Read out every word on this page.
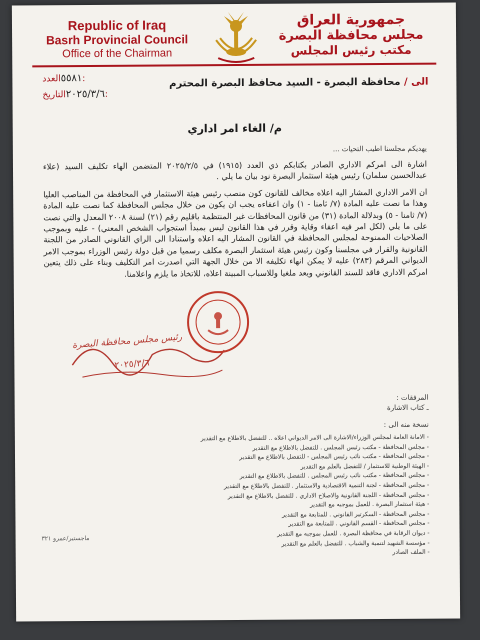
Republic of Iraq
Basrh Provincial Council
Office of the Chairman
جمهورية العراق
مجلس محافظة البصرة
مكتب رئيس المجلس
٥٥٨١العدد:
٢٠٢٥/٣/٦التاريخ:
الى / محافظة البصرة - السيد محافظ البصرة المحترم
م/ الغاء امر اداري
يهديكم مجلسنا اطيب التحيات ...

اشارة الى امركم الاداري الصادر بكتابكم ذي العدد (١٩١٥) في ٢٠٢٥/٢/٥ المتضمن الهاء تكليف السيد (علاء عبدالحسين سلمان) رئيس هيئة استثمار البصرة نود بيان ما يلي .

ان الامر الاداري المشار اليه اعلاه مخالف للقانون كون منصب رئيس هيئة الاستثمار في المحافظة من المناصب العليا وهذا ما نصت عليه المادة (٧/ ثامنا - ١) وان اعفاءه يجب ان يكون من خلال مجلس المحافظة كما نصت عليه المادة (٧/ ثامنا - ٥) وبدلالة المادة (٣١) من قانون المحافظات غير المنتظمة باقليم رقم (٢١) لسنة ٢٠٠٨ المعدل والتي نصت على ما يلي (لكل امر فيه اعفاء وقاية وقرر في هذا القانون ليس بمبدأ استجواب الشخص المعني) - عليه وبموجب الصلاحيات الممنوحة لمجلس المحافظة في القانون المشار اليه اعلاه واستنادا الى الراي القانوني الصادر من اللجنة القانونية والقرار في مجلسنا وكون رئيس هيئة استثمار البصرة مكلف رسميا من قبل دولة رئيس الوزراء بموجب الامر الديواني المرقم (٢٨٣) عليه لا يمكن انهاء تكليفه الا من خلال الجهة التي اصدرت امر التكليف وبناء على ذلك يتعين امركم الاداري فاقد للسند القانوني ويعد ملغيا وللاسباب المبينة اعلاه، للاتخاذ ما يلزم واعلامنا.

رئيس مجلس محافظة البصرة
٢٠٢٥/٣/٦
المرفقات :
ـ كتاب الاشارة
نسخة منه الى :
- الامانة العامة لمجلس الوزراء/الاشارة الى الامر الديواني اعلاه .. للتفضل بالاطلاع مع التقدير
- مجلس المحافظة - مكتب رئيس المجلس . للتفضل بالاطلاع مع التقدير
- مجلس المحافظة - مكتب نائب رئيس المجلس - للتفضل بالاطلاع مع التقدير
- الهيئة الوطنية للاستثمار / للتفضل بالعلم مع التقدير
- مجلس المحافظة - مكتب نائب رئيس المجلس . للتفضل بالاطلاع مع التقدير
- مجلس المحافظة - لجنة التنمية الاقتصادية والاستثمار . للتفضل بالاطلاع مع التقدير
- مجلس المحافظة - اللجنة القانونية والاصلاح الاداري . للتفضل بالاطلاع مع التقدير
- هيئة استثمار البصرة . للعمل بموجبه مع التقدير
- مجلس المحافظة - السكرتير القانوني . للمتابعة مع التقدير
- مجلس المحافظة - القسم القانوني . للمتابعة مع التقدير
- ديوان الرقابة في محافظة البصرة . للعمل بموجبه مع التقدير
- مؤسسة الشهيد لتنمية والشباب . للتفضل بالعلم مع التقدير
- الملف الصادر
ماجستير/عمرو ٣٢١
